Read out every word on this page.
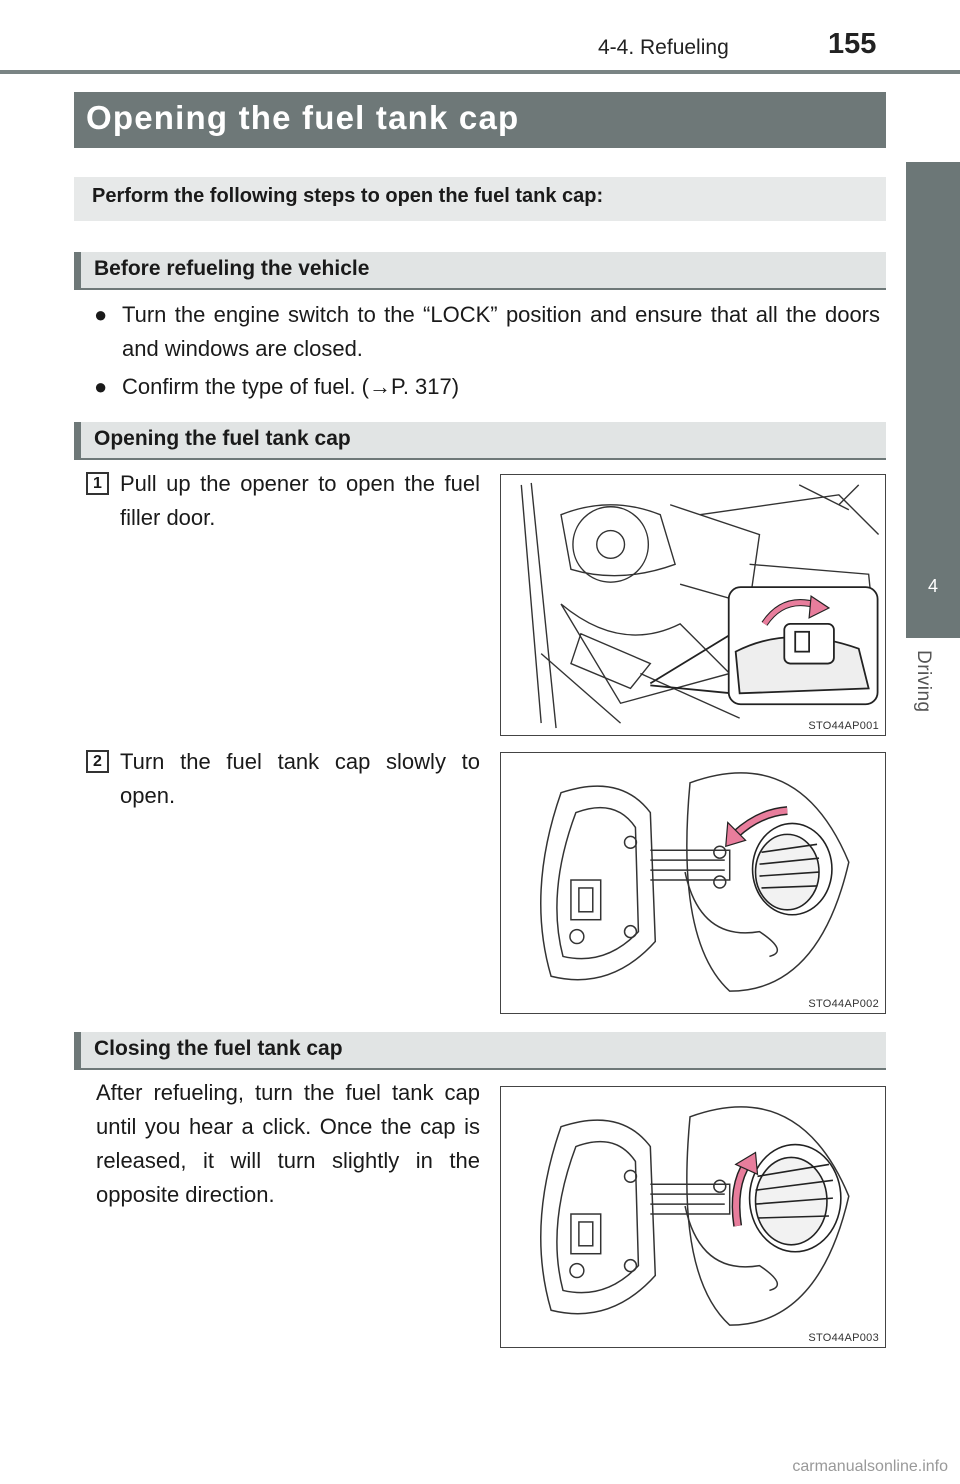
4-4. Refueling	155
4
Driving
Opening the fuel tank cap
Perform the following steps to open the fuel tank cap:
Before refueling the vehicle
● Turn the engine switch to the “LOCK” position and ensure that all the doors and windows are closed.
● Confirm the type of fuel. (→P. 317)
Opening the fuel tank cap
1 Pull up the opener to open the fuel filler door.
STO44AP001
2 Turn the fuel tank cap slowly to open.
STO44AP002
Closing the fuel tank cap
After refueling, turn the fuel tank cap until you hear a click. Once the cap is released, it will turn slightly in the opposite direction.
STO44AP003
carmanualsonline.info
